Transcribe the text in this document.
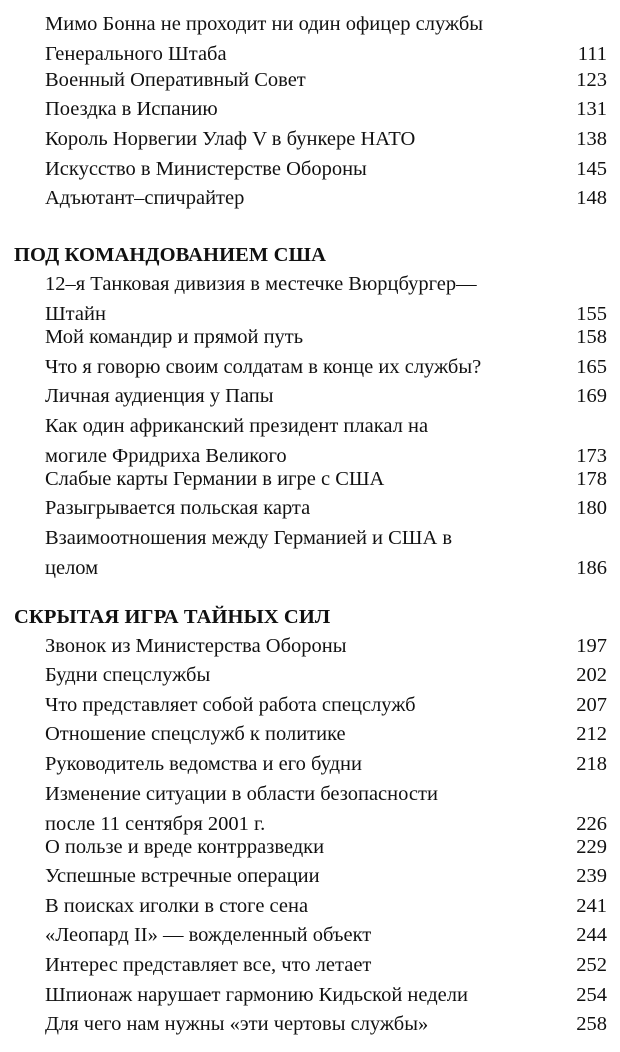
Мимо Бонна не проходит ни один офицер службы
Генерального Штаба	111
Военный Оперативный Совет	123
Поездка в Испанию	131
Король Норвегии Улаф V в бункере НАТО	138
Искусство в Министерстве Обороны	145
Адъютант–спичрайтер	148
ПОД КОМАНДОВАНИЕМ США
12–я Танковая дивизия в местечке Вюрцбургер—
Штайн	155
Мой командир и прямой путь	158
Что я говорю своим солдатам в конце их службы?	165
Личная аудиенция у Папы	169
Как один африканский президент плакал на
могиле Фридриха Великого	173
Слабые карты Германии в игре с США	178
Разыгрывается польская карта	180
Взаимоотношения между Германией и США в
целом	186
СКРЫТАЯ ИГРА ТАЙНЫХ СИЛ
Звонок из Министерства Обороны	197
Будни спецслужбы	202
Что представляет собой работа спецслужб	207
Отношение спецслужб к политике	212
Руководитель ведомства и его будни	218
Изменение ситуации в области безопасности
после 11 сентября 2001 г.	226
О пользе и вреде контрразведки	229
Успешные встречные операции	239
В поисках иголки в стоге сена	241
«Леопард II» — вожделенный объект	244
Интерес представляет все, что летает	252
Шпионаж нарушает гармонию Кидьской недели	254
Для чего нам нужны «эти чертовы службы»	258
